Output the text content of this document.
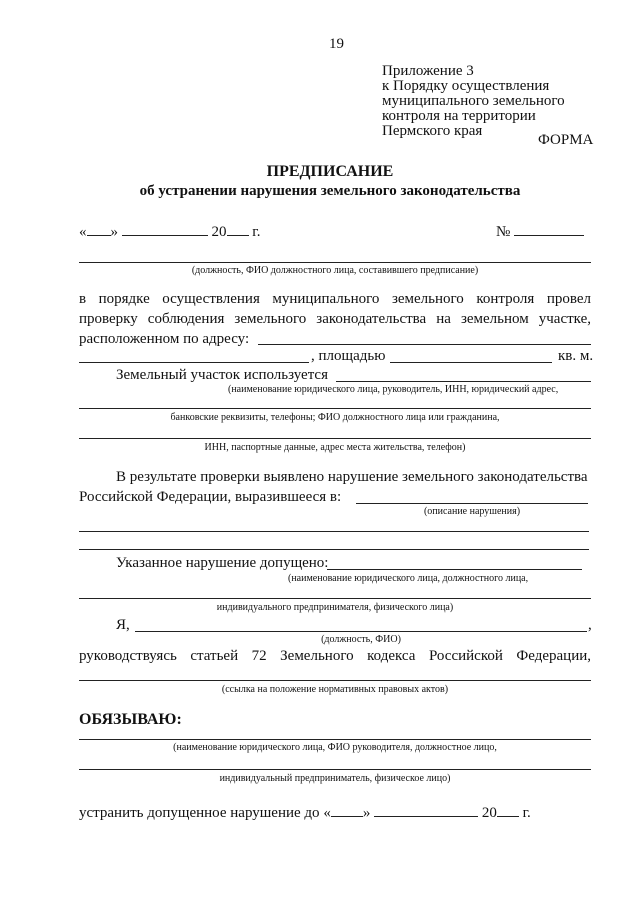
19
Приложение 3
к Порядку осуществления
муниципального земельного
контроля на территории
Пермского края
ФОРМА
ПРЕДПИСАНИЕ
об устранении нарушения земельного законодательства
« »	20 г.	№
(должность, ФИО должностного лица, составившего предписание)
в порядке осуществления муниципального земельного контроля провел
проверку соблюдения земельного законодательства на земельном участке,
расположенном по адресу:
, площадью	кв. м.
Земельный участок используется
(наименование юридического лица, руководитель, ИНН, юридический адрес,
банковские реквизиты, телефоны; ФИО должностного лица или гражданина,
ИНН, паспортные данные, адрес места жительства, телефон)
В результате проверки выявлено нарушение земельного законодательства
Российской Федерации, выразившееся в:
(описание нарушения)
Указанное нарушение допущено:
(наименование юридического лица, должностного лица,
индивидуального предпринимателя, физического лица)
Я,	,
(должность, ФИО)
руководствуясь статьей 72 Земельного кодекса Российской Федерации,
(ссылка на положение нормативных правовых актов)
ОБЯЗЫВАЮ:
(наименование юридического лица, ФИО руководителя, должностное лицо,
индивидуальный предприниматель, физическое лицо)
устранить допущенное нарушение до « »	20 г.
